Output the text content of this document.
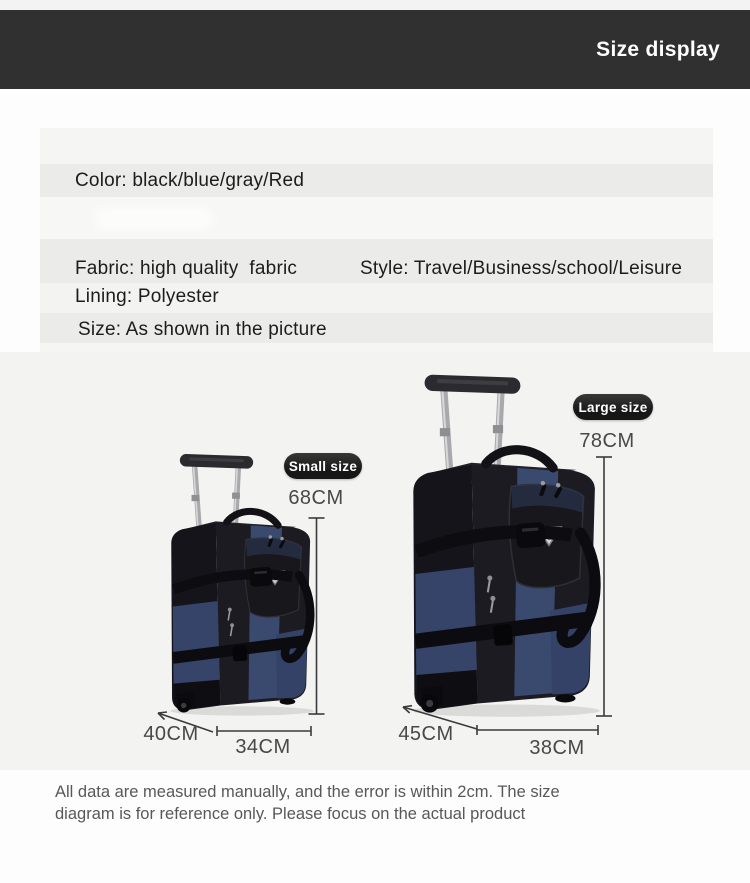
Size display
Color: black/blue/gray/Red
Fabric: high quality  fabric	Style: Travel/Business/school/Leisure
Lining: Polyester
Size: As shown in the picture
Small size
Large size
68CM
40CM
34CM
78CM
45CM
38CM
All data are measured manually, and the error is within 2cm. The size
diagram is for reference only. Please focus on the actual product
